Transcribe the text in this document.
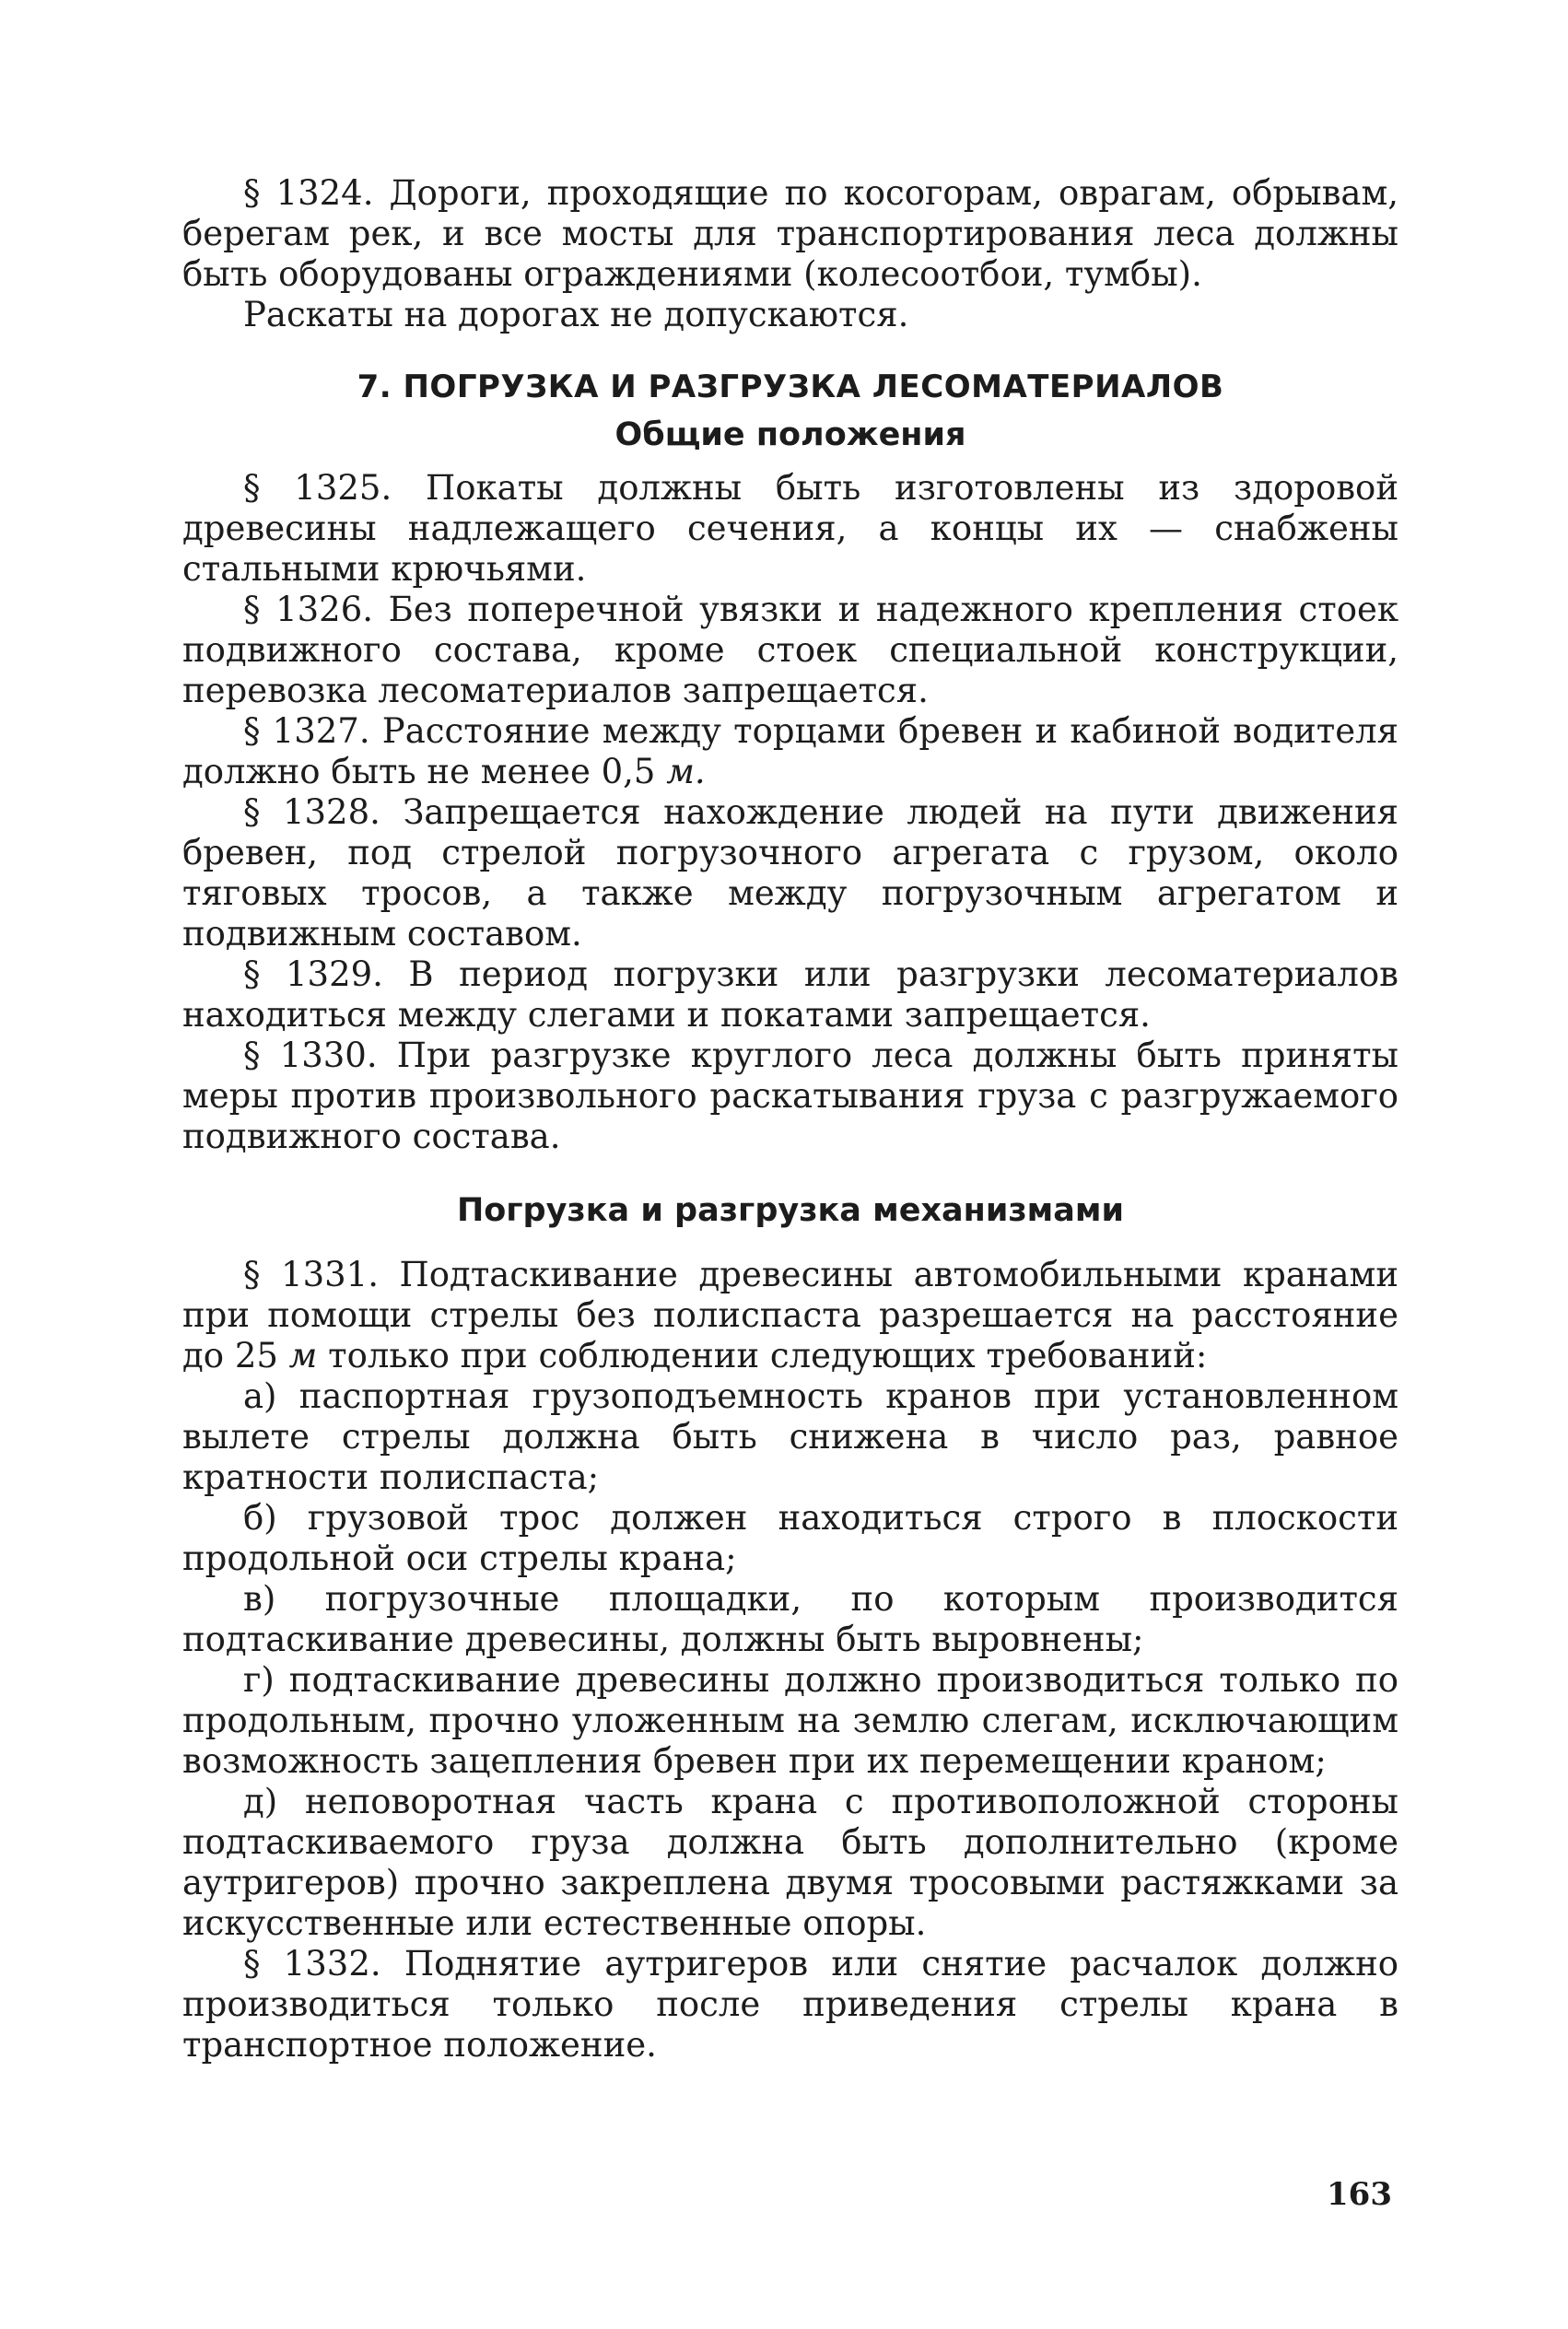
§ 1324. Дороги, проходящие по косогорам, оврагам, обрывам, берегам рек, и все мосты для транспортирования леса должны быть оборудованы ограждениями (колесоотбои, тумбы).

Раскаты на дорогах не допускаются.

7. ПОГРУЗКА И РАЗГРУЗКА ЛЕСОМАТЕРИАЛОВ
Общие положения

§ 1325. Покаты должны быть изготовлены из здоровой древесины надлежащего сечения, а концы их — снабжены стальными крючьями.

§ 1326. Без поперечной увязки и надежного крепления стоек подвижного состава, кроме стоек специальной конструкции, перевозка лесоматериалов запрещается.

§ 1327. Расстояние между торцами бревен и кабиной водителя должно быть не менее 0,5 м.

§ 1328. Запрещается нахождение людей на пути движения бревен, под стрелой погрузочного агрегата с грузом, около тяговых тросов, а также между погрузочным агрегатом и подвижным составом.

§ 1329. В период погрузки или разгрузки лесоматериалов находиться между слегами и покатами запрещается.

§ 1330. При разгрузке круглого леса должны быть приняты меры против произвольного раскатывания груза с разгружаемого подвижного состава.

Погрузка и разгрузка механизмами

§ 1331. Подтаскивание древесины автомобильными кранами при помощи стрелы без полиспаста разрешается на расстояние до 25 м только при соблюдении следующих требований:

а) паспортная грузоподъемность кранов при установленном вылете стрелы должна быть снижена в число раз, равное кратности полиспаста;

б) грузовой трос должен находиться строго в плоскости продольной оси стрелы крана;

в) погрузочные площадки, по которым производится подтаскивание древесины, должны быть выровнены;

г) подтаскивание древесины должно производиться только по продольным, прочно уложенным на землю слегам, исключающим возможность зацепления бревен при их перемещении краном;

д) неповоротная часть крана с противоположной стороны подтаскиваемого груза должна быть дополнительно (кроме аутригеров) прочно закреплена двумя тросовыми растяжками за искусственные или естественные опоры.

§ 1332. Поднятие аутригеров или снятие расчалок должно производиться только после приведения стрелы крана в транспортное положение.

163
